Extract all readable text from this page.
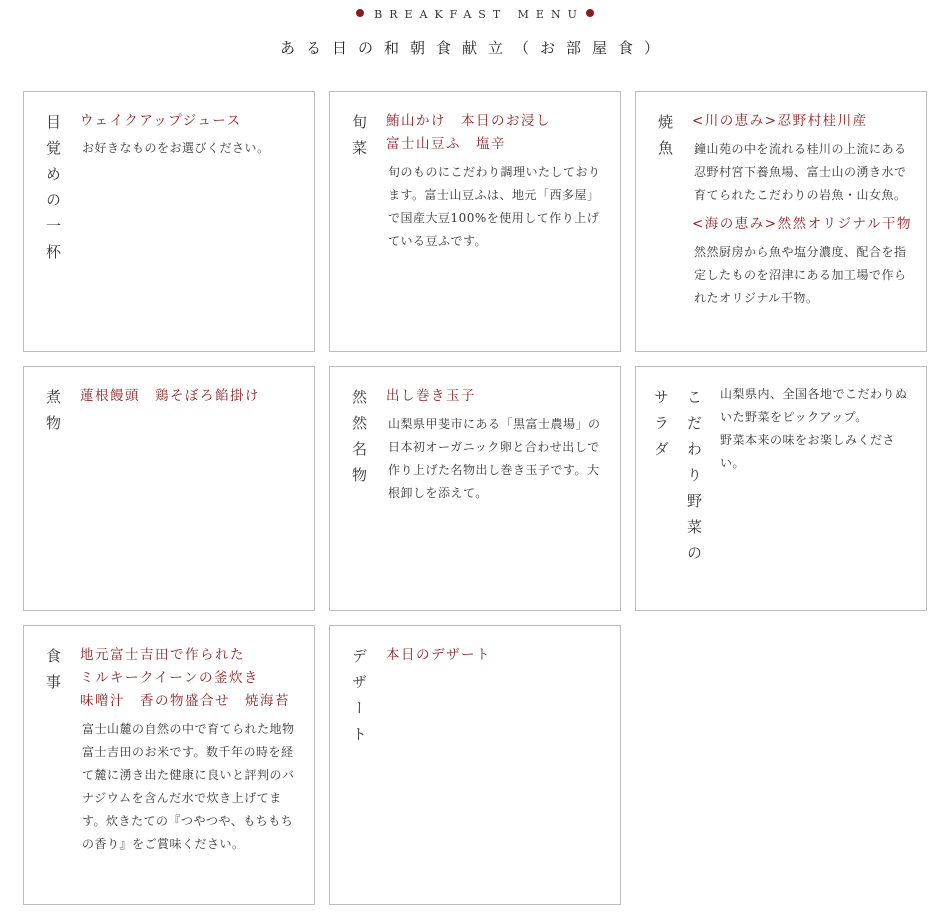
BREAKFAST MENU
ある日の和朝食献立（お部屋食）
目覚めの一杯 ウェイクアップジュース
お好きなものをお選びください。	旬菜 鮪山かけ　本日のお浸し
富士山豆ふ　塩辛
旬のものにこだわり調理いたしております。富士山豆ふは、地元「西多屋」で国産大豆100%を使用して作り上げている豆ふです。
焼魚 <川の恵み>忍野村桂川産
鐘山苑の中を流れる桂川の上流にある忍野村宮下養魚場、富士山の湧き水で育てられたこだわりの岩魚・山女魚。
<海の恵み>然然オリジナル干物
然然厨房から魚や塩分濃度、配合を指定したものを沼津にある加工場で作られたオリジナル干物。
煮物 蓮根饅頭　鶏そぼろ餡掛け	然然名物 出し巻き玉子
山梨県甲斐市にある「黒富士農場」の日本初オーガニック卵と合わせ出しで作り上げた名物出し巻き玉子です。大根卸しを添えて。	こだわり野菜の
サラダ	山梨県内、全国各地でこだわりぬいた野菜をピックアップ。
野菜本来の味をお楽しみください。
食事 地元富士吉田で作られた
ミルキークイーンの釜炊き
味噌汁　香の物盛合せ　焼海苔
富士山麓の自然の中で育てられた地物富士吉田のお米です。数千年の時を経て麓に湧き出た健康に良いと評判のバナジウムを含んだ水で炊き上げてます。炊きたての『つやつや、もちもちの香り』をご賞味ください。
デザート 本日のデザート
